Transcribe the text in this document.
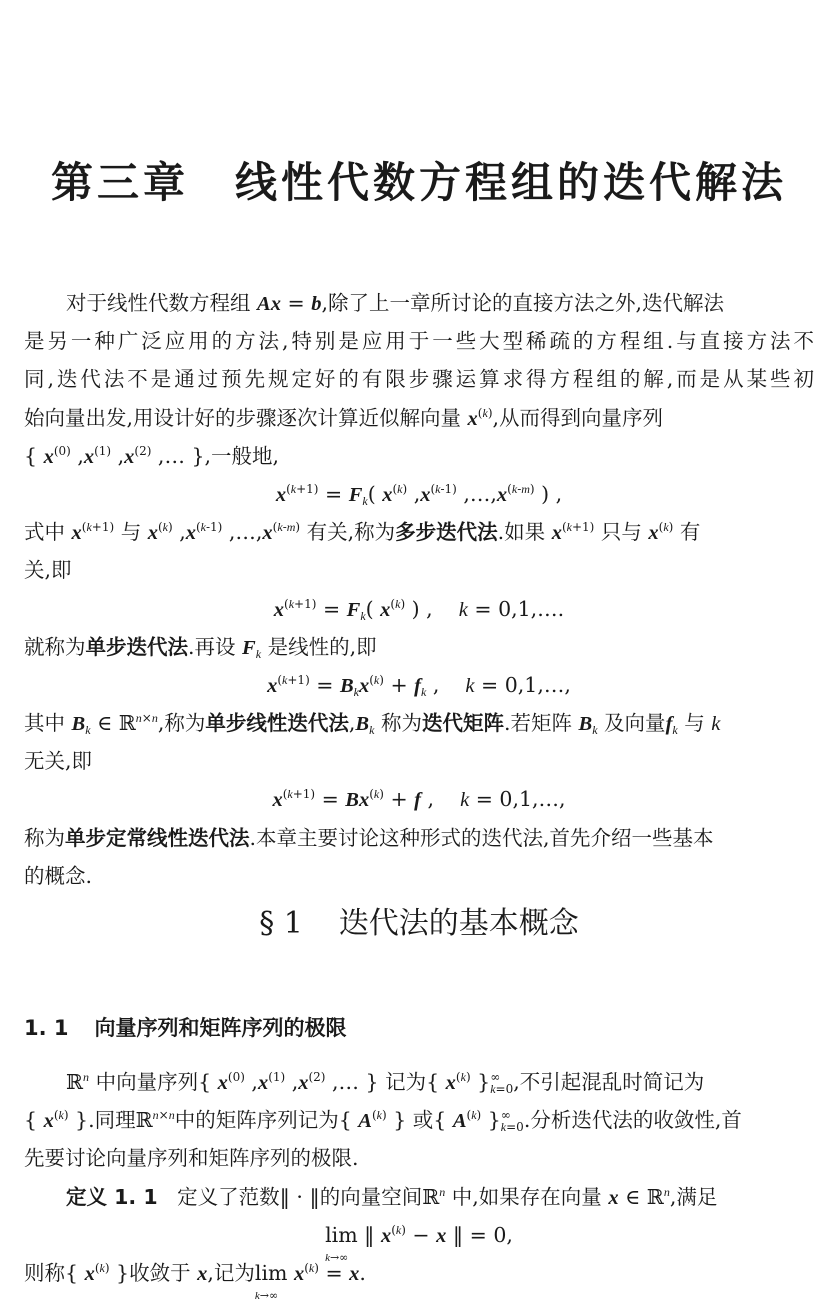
第三章 线性代数方程组的迭代解法
对于线性代数方程组 Ax = b,除了上一章所讨论的直接方法之外,迭代解法
是另一种广泛应用的方法,特别是应用于一些大型稀疏的方程组.与直接方法不
同,迭代法不是通过预先规定好的有限步骤运算求得方程组的解,而是从某些初
始向量出发,用设计好的步骤逐次计算近似解向量 $x^{(k)}$,从而得到向量序列
{ $x^{(0)}$ $,x^{(1)}$ $,x^{(2)}$ ,… },一般地,
$x^{(k+1)} = F_k$( $x^{(k)}$ $,x^{(k-1)}$ $,\dots,x^{(k-m)}$ ) ,
式中 $x^{(k+1)}$ 与 $x^{(k)}$ $,x^{(k-1)}$ $,\dots,x^{(k-m)}$ 有关,称为多步迭代法.如果 $x^{(k+1)}$ 只与 $x^{(k)}$ 有
关,即
$x^{(k+1)} = F_k$( $x^{(k)}$ ) ,    k = 0,1,….
就称为单步迭代法.再设 $F_k$ 是线性的,即
$x^{(k+1)} = B_kx^{(k)} + f_k$ ,    k = 0,1,…,
其中 $B_k$ ∈ ℝ$^{n\times n}$,称为单步线性迭代法$,B_k$ 称为迭代矩阵.若矩阵 $B_k$ 及向量$f_k$ 与 k
无关,即
$x^{(k+1)} = Bx^{(k)} + f$ ,    k = 0,1,…,
称为单步定常线性迭代法.本章主要讨论这种形式的迭代法,首先介绍一些基本
的概念.
§ 1 迭代法的基本概念
1. 1 向量序列和矩阵序列的极限
ℝ$^n$ 中向量序列{ $x^{(0)}$ $,x^{(1)}$ $,x^{(2)}$ ,… } 记为{ $x^{(k)}$ }$^\infty_{k=0}$,不引起混乱时简记为
{ $x^{(k)}$ }.同理ℝ$^{n\times n}$中的矩阵序列记为{ $A^{(k)}$ } 或{ $A^{(k)}$ }$^\infty_{k=0}$.分析迭代法的收敛性,首
先要讨论向量序列和矩阵序列的极限.
定义 1. 1 定义了范数‖ · ‖的向量空间ℝ$^n$ 中,如果存在向量 x ∈ ℝ$^n$,满足
lim
k→∞
‖ $x^{(k)} - x$ ‖ = 0,
则称{ $x^{(k)}$ }收敛于 x,记为lim
k→∞
$x^{(k)} = x$.
